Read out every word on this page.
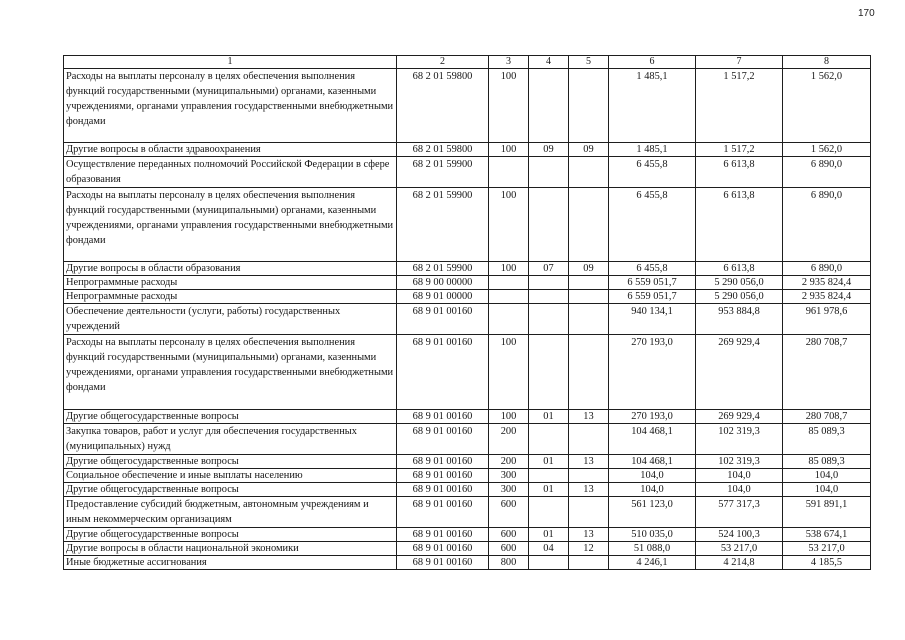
170
1	2	3	4	5	6	7	8
Расходы на выплаты персоналу в целях обеспечения выполнения функций государственными (муниципальными) органами, казенными учреждениями, органами управления государственными внебюджетными фондами	68 2 01 59800	100			1 485,1	1 517,2	1 562,0
Другие вопросы в области здравоохранения	68 2 01 59800	100	09	09	1 485,1	1 517,2	1 562,0
Осуществление переданных полномочий Российской Федерации в сфере образования	68 2 01 59900				6 455,8	6 613,8	6 890,0
Расходы на выплаты персоналу в целях обеспечения выполнения функций государственными (муниципальными) органами, казенными учреждениями, органами управления государственными внебюджетными фондами	68 2 01 59900	100			6 455,8	6 613,8	6 890,0
Другие вопросы в области образования	68 2 01 59900	100	07	09	6 455,8	6 613,8	6 890,0
Непрограммные расходы	68 9 00 00000				6 559 051,7	5 290 056,0	2 935 824,4
Непрограммные расходы	68 9 01 00000				6 559 051,7	5 290 056,0	2 935 824,4
Обеспечение деятельности (услуги, работы) государственных учреждений	68 9 01 00160				940 134,1	953 884,8	961 978,6
Расходы на выплаты персоналу в целях обеспечения выполнения функций государственными (муниципальными) органами, казенными учреждениями, органами управления государственными внебюджетными фондами	68 9 01 00160	100			270 193,0	269 929,4	280 708,7
Другие общегосударственные вопросы	68 9 01 00160	100	01	13	270 193,0	269 929,4	280 708,7
Закупка товаров, работ и услуг для обеспечения государственных (муниципальных) нужд	68 9 01 00160	200			104 468,1	102 319,3	85 089,3
Другие общегосударственные вопросы	68 9 01 00160	200	01	13	104 468,1	102 319,3	85 089,3
Социальное обеспечение и иные выплаты населению	68 9 01 00160	300			104,0	104,0	104,0
Другие общегосударственные вопросы	68 9 01 00160	300	01	13	104,0	104,0	104,0
Предоставление субсидий бюджетным, автономным учреждениям и иным некоммерческим организациям	68 9 01 00160	600			561 123,0	577 317,3	591 891,1
Другие общегосударственные вопросы	68 9 01 00160	600	01	13	510 035,0	524 100,3	538 674,1
Другие вопросы в области национальной экономики	68 9 01 00160	600	04	12	51 088,0	53 217,0	53 217,0
Иные бюджетные ассигнования	68 9 01 00160	800			4 246,1	4 214,8	4 185,5
